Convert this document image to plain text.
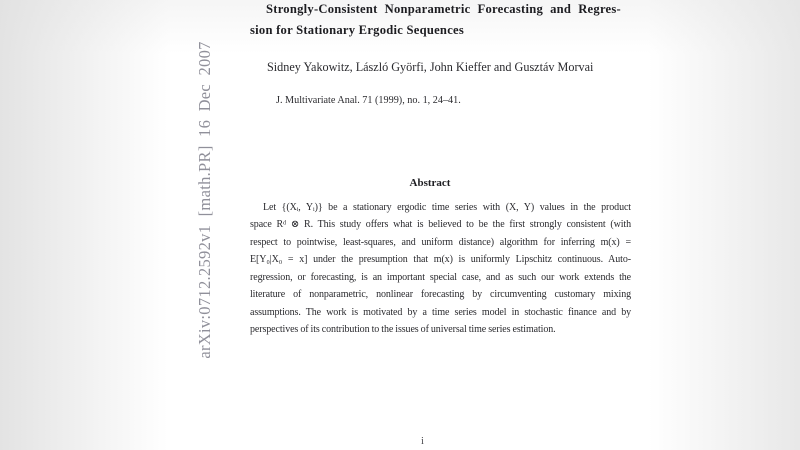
arXiv:0712.2592v1 [math.PR] 16 Dec 2007
Strongly-Consistent Nonparametric Forecasting and Regres-
sion for Stationary Ergodic Sequences
Sidney Yakowitz, László Györfi, John Kieffer and Gusztáv Morvai
J. Multivariate Anal. 71 (1999), no. 1, 24–41.
Abstract
Let {(Xᵢ, Yᵢ)} be a stationary ergodic time series with (X, Y) values in the product
space Rᵈ ⊗ R. This study offers what is believed to be the first strongly consistent (with
respect to pointwise, least-squares, and uniform distance) algorithm for inferring m(x) =
E[Y₀|X₀ = x] under the presumption that m(x) is uniformly Lipschitz continuous. Auto-
regression, or forecasting, is an important special case, and as such our work extends the
literature of nonparametric, nonlinear forecasting by circumventing customary mixing
assumptions. The work is motivated by a time series model in stochastic finance and by
perspectives of its contribution to the issues of universal time series estimation.
i
